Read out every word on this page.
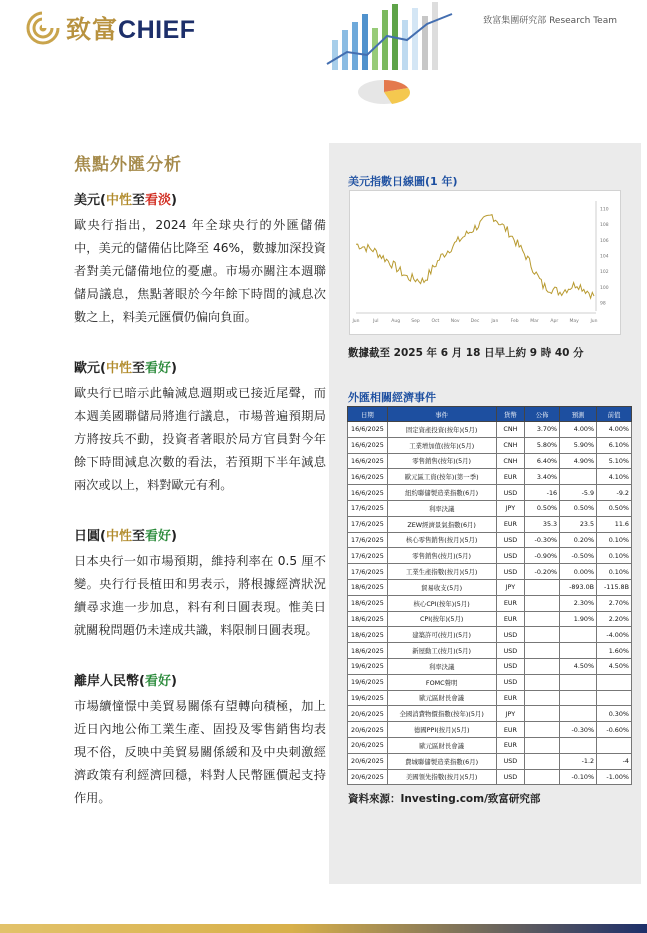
致富CHIEF	致富集團研究部 Research Team
焦點外匯分析
美元(中性至看淡)
歐央行指出，2024 年全球央行的外匯儲備中，美元的儲備佔比降至 46%，數據加深投資者對美元儲備地位的憂慮。市場亦關注本週聯儲局議息，焦點著眼於今年餘下時間的減息次數之上，料美元匯價仍偏向負面。
歐元(中性至看好)
歐央行已暗示此輪減息週期或已接近尾聲，而本週美國聯儲局將進行議息，市場普遍預期局方將按兵不動，投資者著眼於局方官員對今年餘下時間減息次數的看法，若預期下半年減息兩次或以上，料對歐元有利。
日圓(中性至看好)
日本央行一如市場預期，維持利率在 0.5 厘不變。央行行長植田和男表示，將根據經濟狀況續尋求進一步加息，料有利日圓表現。惟美日就關稅問題仍未達成共識，料限制日圓表現。
離岸人民幣(看好)
市場續憧憬中美貿易關係有望轉向積極，加上近日內地公佈工業生產、固投及零售銷售均表現不俗，反映中美貿易關係緩和及中央刺激經濟政策有利經濟回穩，料對人民幣匯價起支持作用。
美元指數日線圖(1 年)
Jun	Jul	Aug Sep	Oct	Nov Dec	Jan	Feb	Mar	Apr	May	Jun
98
100
102
104
106
108
110
數據截至 2025 年 6 月 18 日早上約 9 時 40 分
外匯相關經濟事件
日期	事件	貨幣	公佈	預測	前值
16/6/2025	固定資產投資(按年)(5月)	CNH	3.70%	4.00%	4.00%
16/6/2025	工業增加值(按年)(5月)	CNH	5.80%	5.90%	6.10%
16/6/2025	零售銷售(按年)(5月)	CNH	6.40%	4.90%	5.10%
16/6/2025	歐元區工資(按年)(第一季)	EUR	3.40%		4.10%
16/6/2025	紐約聯儲製造業指數(6月)	USD	-16	-5.9	-9.2
17/6/2025	利率決議	JPY	0.50%	0.50%	0.50%
17/6/2025	ZEW經濟景氣指數(6月)	EUR	35.3	23.5	11.6
17/6/2025	核心零售銷售(按月)(5月)	USD	-0.30%	0.20%	0.10%
17/6/2025	零售銷售(按月)(5月)	USD	-0.90%	-0.50%	0.10%
17/6/2025	工業生產指數(按月)(5月)	USD	-0.20%	0.00%	0.10%
18/6/2025	貿易收支(5月)	JPY		-893.0B	-115.8B
18/6/2025	核心CPI(按年)(5月)	EUR		2.30%	2.70%
18/6/2025	CPI(按年)(5月)	EUR		1.90%	2.20%
18/6/2025	建築許可(按月)(5月)	USD			-4.00%
18/6/2025	新屋動工(按月)(5月)	USD			1.60%
19/6/2025	利率決議	USD		4.50%	4.50%
19/6/2025	FOMC聲明	USD			
19/6/2025	歐元區財長會議	EUR			
20/6/2025	全國消費物價指數(按年)(5月)	JPY			0.30%
20/6/2025	德國PPI(按月)(5月)	EUR		-0.30%	-0.60%
20/6/2025	歐元區財長會議	EUR			
20/6/2025	費城聯儲製造業指數(6月)	USD		-1.2	-4
20/6/2025	美國領先指數(按月)(5月)	USD		-0.10%	-1.00%
資料來源：Investing.com/致富研究部
